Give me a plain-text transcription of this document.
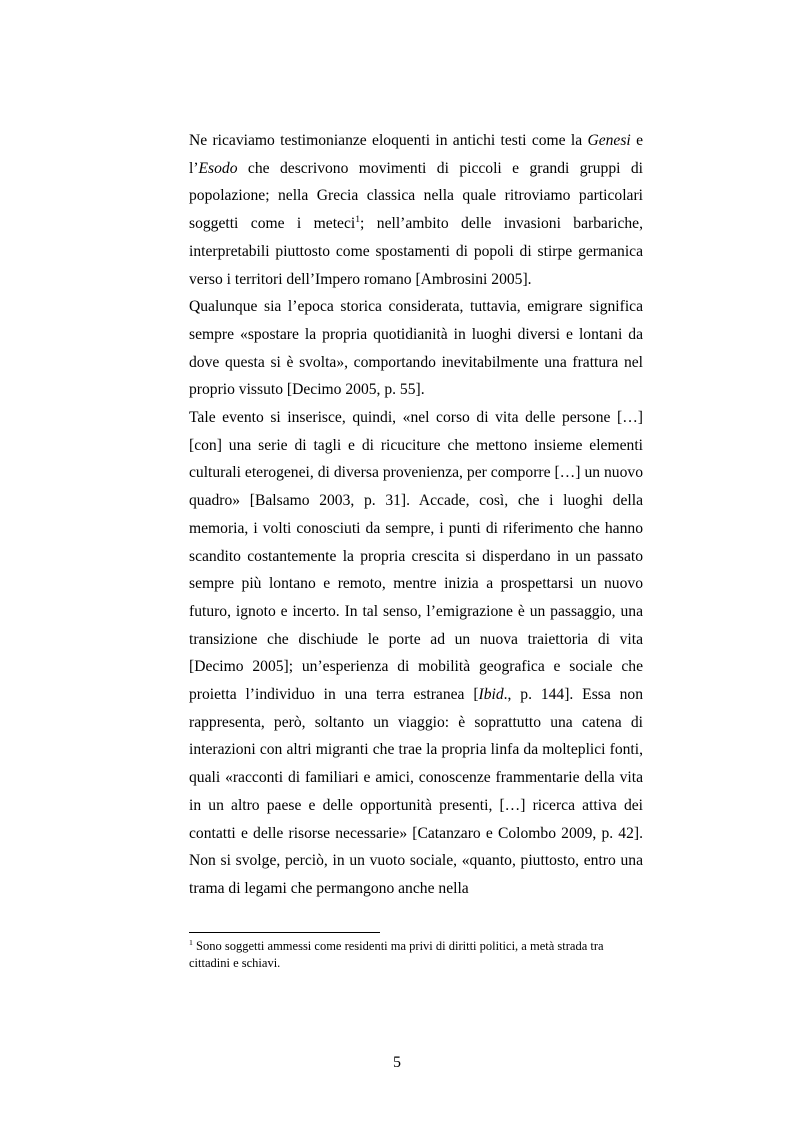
Ne ricaviamo testimonianze eloquenti in antichi testi come la Genesi e l’Esodo che descrivono movimenti di piccoli e grandi gruppi di popolazione; nella Grecia classica nella quale ritroviamo particolari soggetti come i meteci$^1$; nell’ambito delle invasioni barbariche, interpretabili piuttosto come spostamenti di popoli di stirpe germanica verso i territori dell’Impero romano [Ambrosini 2005].

Qualunque sia l’epoca storica considerata, tuttavia, emigrare significa sempre «spostare la propria quotidianità in luoghi diversi e lontani da dove questa si è svolta», comportando inevitabilmente una frattura nel proprio vissuto [Decimo 2005, p. 55].

Tale evento si inserisce, quindi, «nel corso di vita delle persone […] [con] una serie di tagli e di ricuciture che mettono insieme elementi culturali eterogenei, di diversa provenienza, per comporre […] un nuovo quadro» [Balsamo 2003, p. 31]. Accade, così, che i luoghi della memoria, i volti conosciuti da sempre, i punti di riferimento che hanno scandito costantemente la propria crescita si disperdano in un passato sempre più lontano e remoto, mentre inizia a prospettarsi un nuovo futuro, ignoto e incerto. In tal senso, l’emigrazione è un passaggio, una transizione che dischiude le porte ad un nuova traiettoria di vita [Decimo 2005]; un’esperienza di mobilità geografica e sociale che proietta l’individuo in una terra estranea [Ibid., p. 144]. Essa non rappresenta, però, soltanto un viaggio: è soprattutto una catena di interazioni con altri migranti che trae la propria linfa da molteplici fonti, quali «racconti di familiari e amici, conoscenze frammentarie della vita in un altro paese e delle opportunità presenti, […] ricerca attiva dei contatti e delle risorse necessarie» [Catanzaro e Colombo 2009, p. 42]. Non si svolge, perciò, in un vuoto sociale, «quanto, piuttosto, entro una trama di legami che permangono anche nella

$^1$ Sono soggetti ammessi come residenti ma privi di diritti politici, a metà strada tra cittadini e schiavi.
5
